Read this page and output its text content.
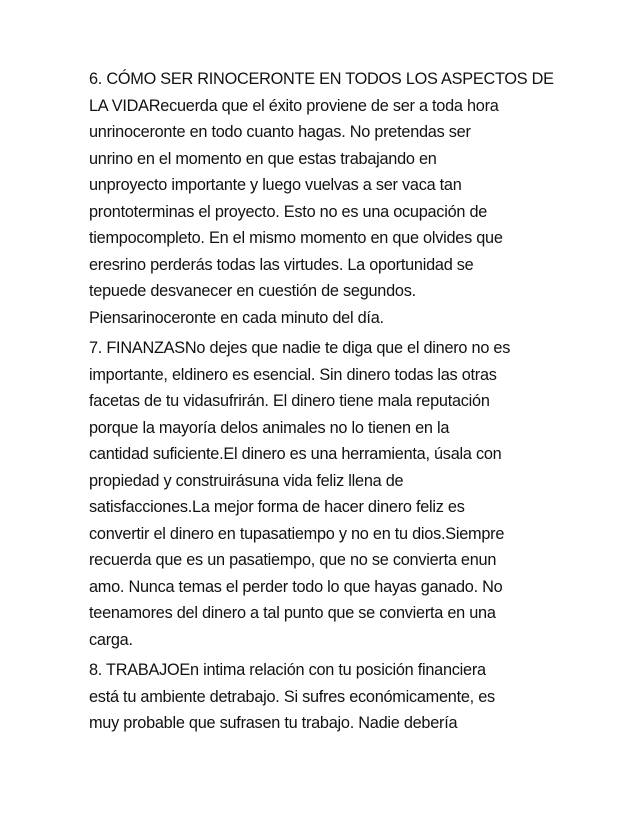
6. CÓMO SER RINOCERONTE EN TODOS LOS ASPECTOS DE
LA VIDARecuerda que el éxito proviene de ser a toda hora
unrinoceronte en todo cuanto hagas. No pretendas ser
unrino en el momento en que estas trabajando en
unproyecto importante y luego vuelvas a ser vaca tan
prontoterminas el proyecto. Esto no es una ocupación de
tiempocompleto. En el mismo momento en que olvides que
eresrino perderás todas las virtudes. La oportunidad se
tepuede desvanecer en cuestión de segundos.
Piensarinoceronte en cada minuto del día.

7. FINANZASNo dejes que nadie te diga que el dinero no es
importante, eldinero es esencial. Sin dinero todas las otras
facetas de tu vidasufrirán. El dinero tiene mala reputación
porque la mayoría delos animales no lo tienen en la
cantidad suficiente.El dinero es una herramienta, úsala con
propiedad y construirásuna vida feliz llena de
satisfacciones.La mejor forma de hacer dinero feliz es
convertir el dinero en tupasatiempo y no en tu dios.Siempre
recuerda que es un pasatiempo, que no se convierta enun
amo. Nunca temas el perder todo lo que hayas ganado. No
teenamores del dinero a tal punto que se convierta en una
carga.

8. TRABAJOEn intima relación con tu posición financiera
está tu ambiente detrabajo. Si sufres económicamente, es
muy probable que sufrasen tu trabajo. Nadie debería
